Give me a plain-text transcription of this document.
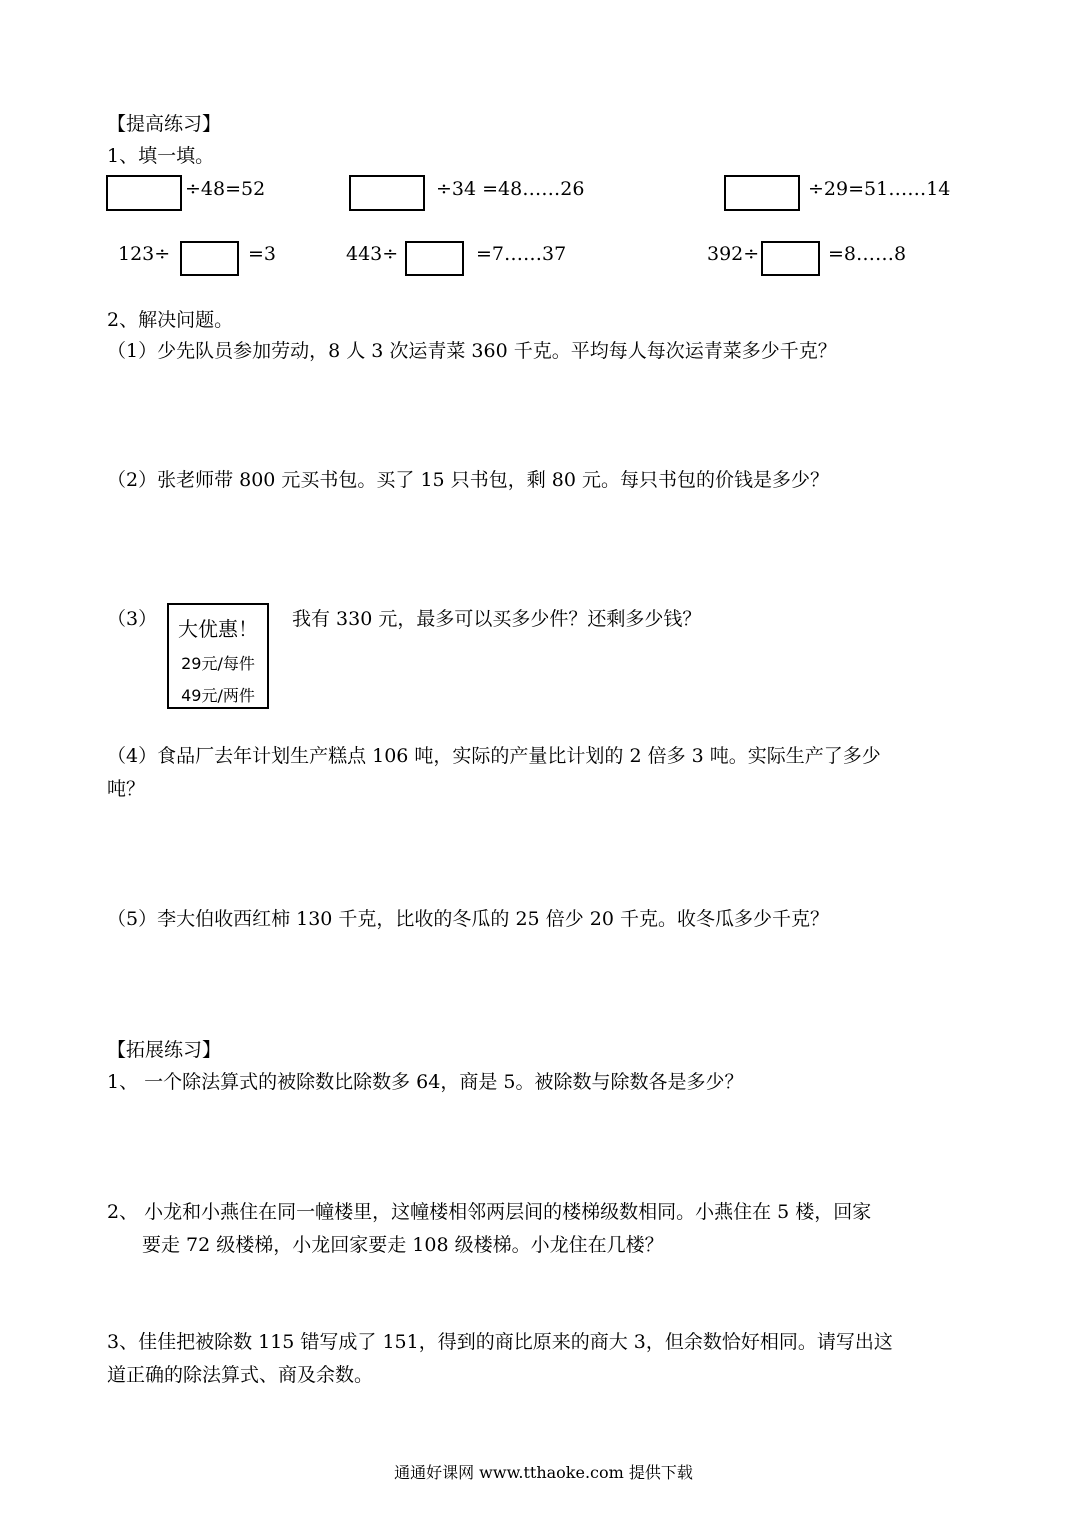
【提高练习】
1、填一填。
÷48=52	÷34 =48……26	÷29=51……14
123÷	=3	443÷	=7……37	392÷	=8……8
2、解决问题。
（1）少先队员参加劳动，8 人 3 次运青菜 360 千克。平均每人每次运青菜多少千克？
（2）张老师带 800 元买书包。买了 15 只书包，剩 80 元。每只书包的价钱是多少？
（3）	大优惠！
29元/每件
49元/两件
我有 330 元，最多可以买多少件？还剩多少钱？
（4）食品厂去年计划生产糕点 106 吨，实际的产量比计划的 2 倍多 3 吨。实际生产了多少
吨？
（5）李大伯收西红柿 130 千克，比收的冬瓜的 25 倍少 20 千克。收冬瓜多少千克？
【拓展练习】
1、 一个除法算式的被除数比除数多 64，商是 5。被除数与除数各是多少？
2、 小龙和小燕住在同一幢楼里，这幢楼相邻两层间的楼梯级数相同。小燕住在 5 楼，回家
要走 72 级楼梯，小龙回家要走 108 级楼梯。小龙住在几楼？
3、佳佳把被除数 115 错写成了 151，得到的商比原来的商大 3，但余数恰好相同。请写出这
道正确的除法算式、商及余数。
通通好课网 www.tthaoke.com 提供下载
